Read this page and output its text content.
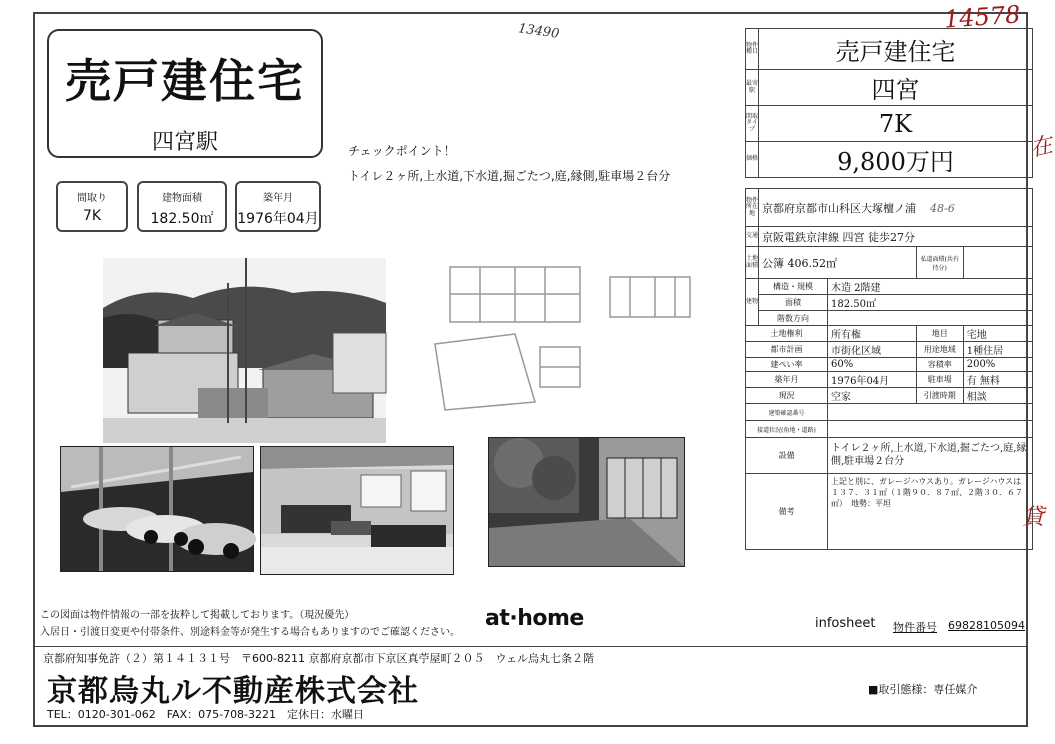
13490	14578
在
貸
売戸建住宅
四宮駅	チェックポイント！
トイレ２ヶ所,上水道,下水道,掘ごたつ,庭,縁側,駐車場２台分
間取り
7K
建物面積
182.50㎡
築年月
1976年04月
物件種目	売戸建住宅
最寄駅	四宮
間取タイプ	7K
価格	9,800万円
物件所在地	京都府京都市山科区大塚檀ノ浦 48-6			
交通	京阪電鉄京津線 四宮 徒歩27分			
土地面積	公簿 406.52㎡		私道面積(共有持分)	
建物	構造・規模	木造 2階建		
	面積	182.50㎡		
	階数方向			
土地権利		所有権	地目	宅地
都市計画		市街化区域	用途地域	1種住居
建ぺい率		60%	容積率	200%
築年月		1976年04月	駐車場	有 無料
現況		空家	引渡時期	相談
建築確認番号				
接道状況(角地・道路)				
設備		トイレ２ヶ所,上水道,下水道,掘ごたつ,庭,縁側,駐車場２台分		
備考		上記と別に、ガレージハウスあり。ガレージハウスは１３７．３１㎡（１階９０．８７㎡、２階３０．６７㎡）　地勢：平坦		
この図面は物件情報の一部を抜粋して掲載しております。（現況優先）
入居日・引渡日変更や付帯条件、別途料金等が発生する場合もありますのでご確認ください。
at·home	infosheet 物件番号 69828105094
京都府知事免許（２）第１４１３１号　〒600-8211 京都府京都市下京区真苧屋町２０５　ウェル烏丸七条２階
京都烏丸ル不動産株式会社
TEL：0120-301-062　FAX：075-708-3221　定休日：水曜日
■取引態様：専任媒介
